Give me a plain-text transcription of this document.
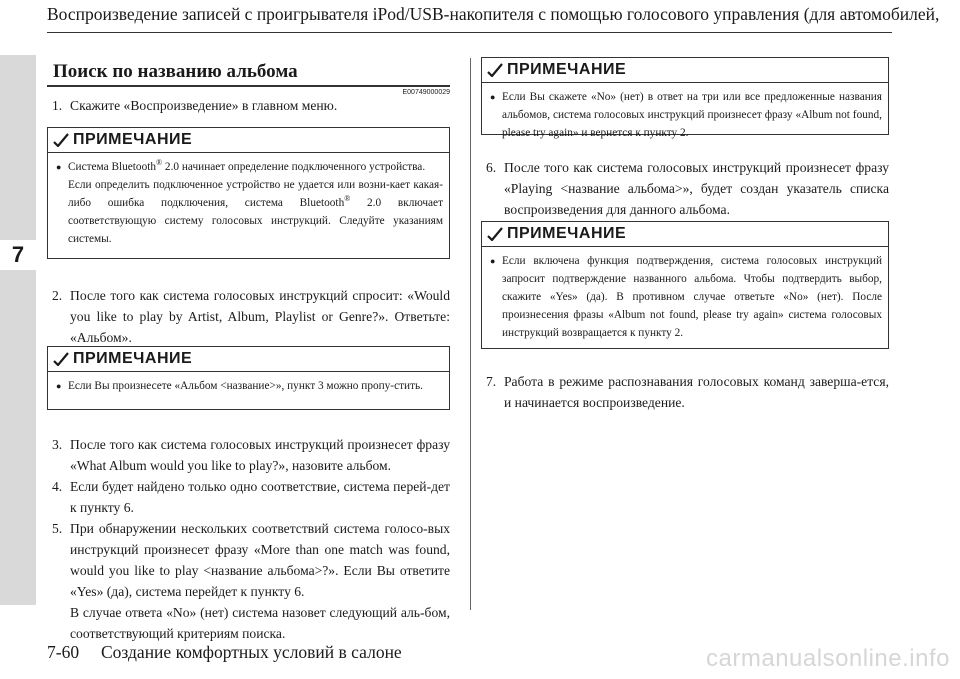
7
Воспроизведение записей с проигрывателя iPod/USB-накопителя с помощью голосового управления (для автомобилей,
Поиск по названию альбома
E00749000029
1. Скажите «Воспроизведение» в главном меню.
ПРИМЕЧАНИЕ

● Система Bluetooth® 2.0 начинает определение подключенного устройства.
Если определить подключенное устройство не удается или возни-кает какая-либо ошибка подключения, система Bluetooth® 2.0 включает соответствующую систему голосовых инструкций. Следуйте указаниям системы.

2. После того как система голосовых инструкций спросит: «Would you like to play by Artist, Album, Playlist or Genre?». Ответьте: «Альбом».
ПРИМЕЧАНИЕ

● Если Вы произнесете «Альбом <название>», пункт 3 можно пропу-стить.

3. После того как система голосовых инструкций произнесет фразу «What Album would you like to play?», назовите альбом.
4. Если будет найдено только одно соответствие, система перей-дет к пункту 6.
5. При обнаружении нескольких соответствий система голосо-вых инструкций произнесет фразу «More than one match was found, would you like to play <название альбома>?». Если Вы ответите «Yes» (да), система перейдет к пункту 6.
В случае ответа «No» (нет) система назовет следующий аль-бом, соответствующий критериям поиска.
ПРИМЕЧАНИЕ

● Если Вы скажете «No» (нет) в ответ на три или все предложенные названия альбомов, система голосовых инструкций произнесет фразу «Album not found, please try again» и вернется к пункту 2.

6. После того как система голосовых инструкций произнесет фразу «Playing <название альбома>», будет создан указатель списка воспроизведения для данного альбома.
ПРИМЕЧАНИЕ

● Если включена функция подтверждения, система голосовых инструкций запросит подтверждение названного альбома. Чтобы подтвердить выбор, скажите «Yes» (да). В противном случае ответьте «No» (нет). После произнесения фразы «Album not found, please try again» система голосовых инструкций возвращается к пункту 2.

7. Работа в режиме распознавания голосовых команд заверша-ется, и начинается воспроизведение.
7-60 Создание комфортных условий в салоне	carmanualsonline.info
